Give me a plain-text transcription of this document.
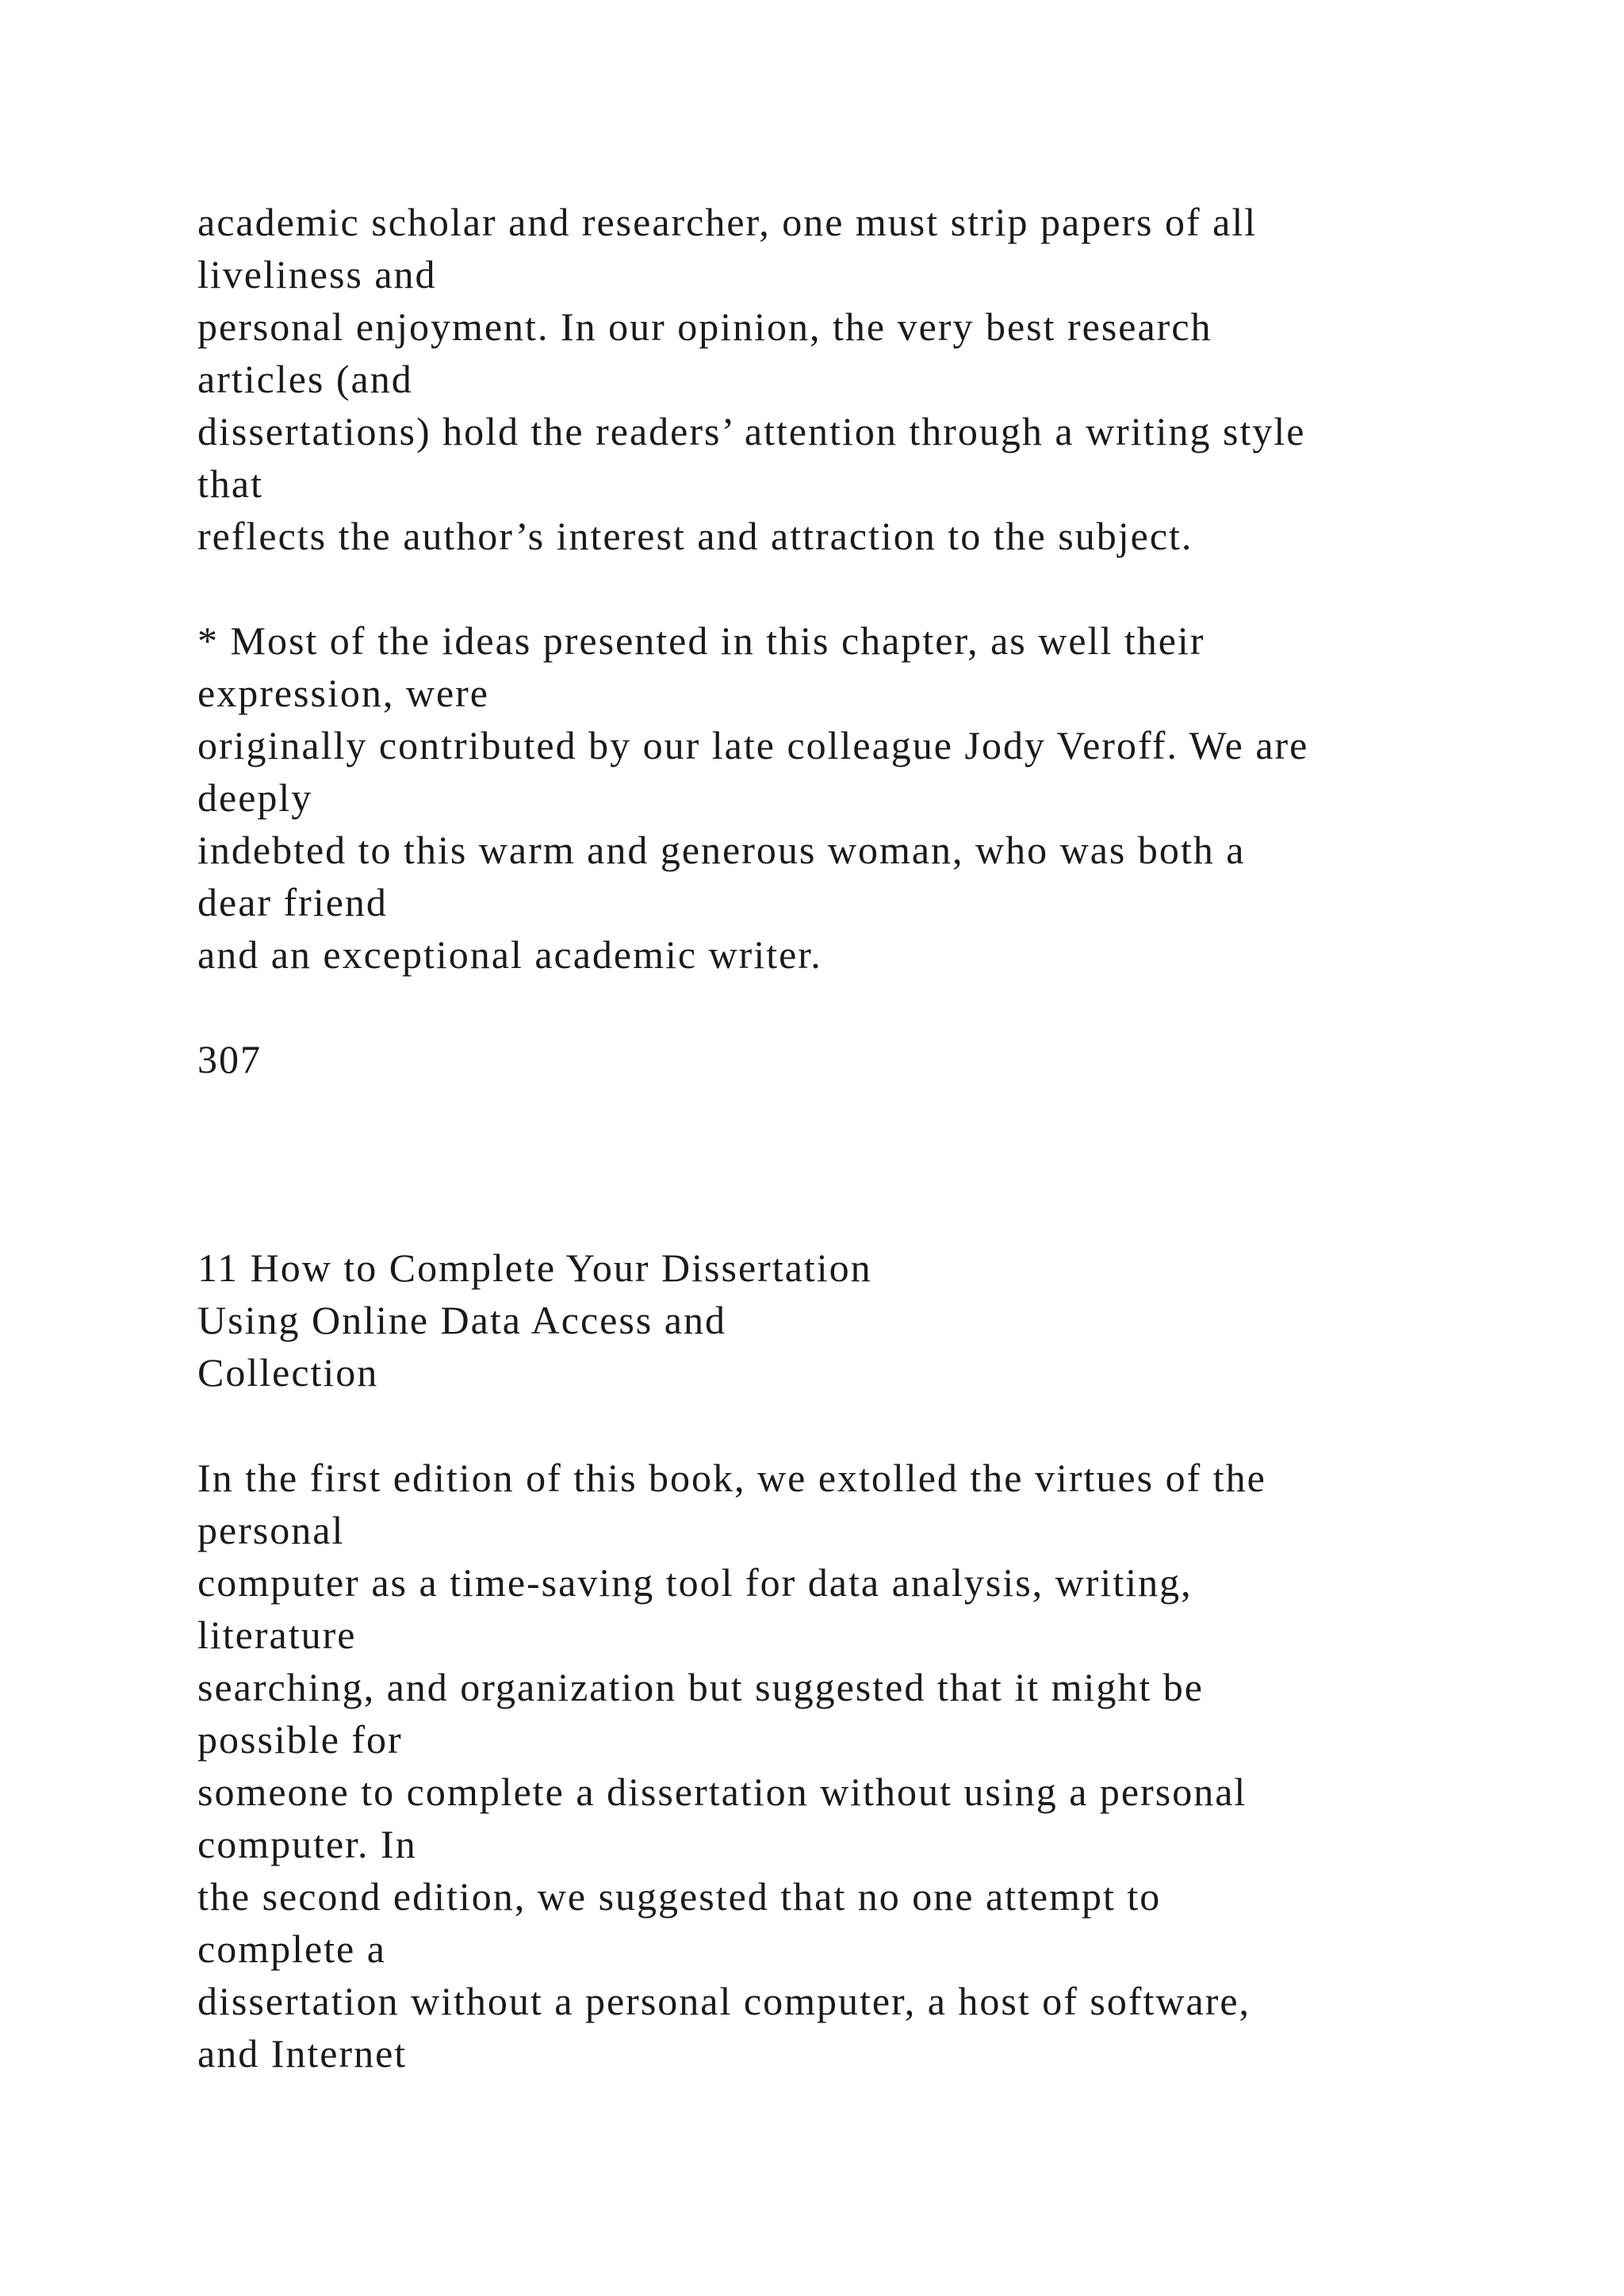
academic scholar and researcher, one must strip papers of all
liveliness and
personal enjoyment. In our opinion, the very best research
articles (and
dissertations) hold the readers’ attention through a writing style
that
reflects the author’s interest and attraction to the subject.
* Most of the ideas presented in this chapter, as well their
expression, were
originally contributed by our late colleague Jody Veroff. We are
deeply
indebted to this warm and generous woman, who was both a
dear friend
and an exceptional academic writer.
307
11 How to Complete Your Dissertation
Using Online Data Access and
Collection
In the first edition of this book, we extolled the virtues of the
personal
computer as a time-saving tool for data analysis, writing,
literature
searching, and organization but suggested that it might be
possible for
someone to complete a dissertation without using a personal
computer. In
the second edition, we suggested that no one attempt to
complete a
dissertation without a personal computer, a host of software,
and Internet
